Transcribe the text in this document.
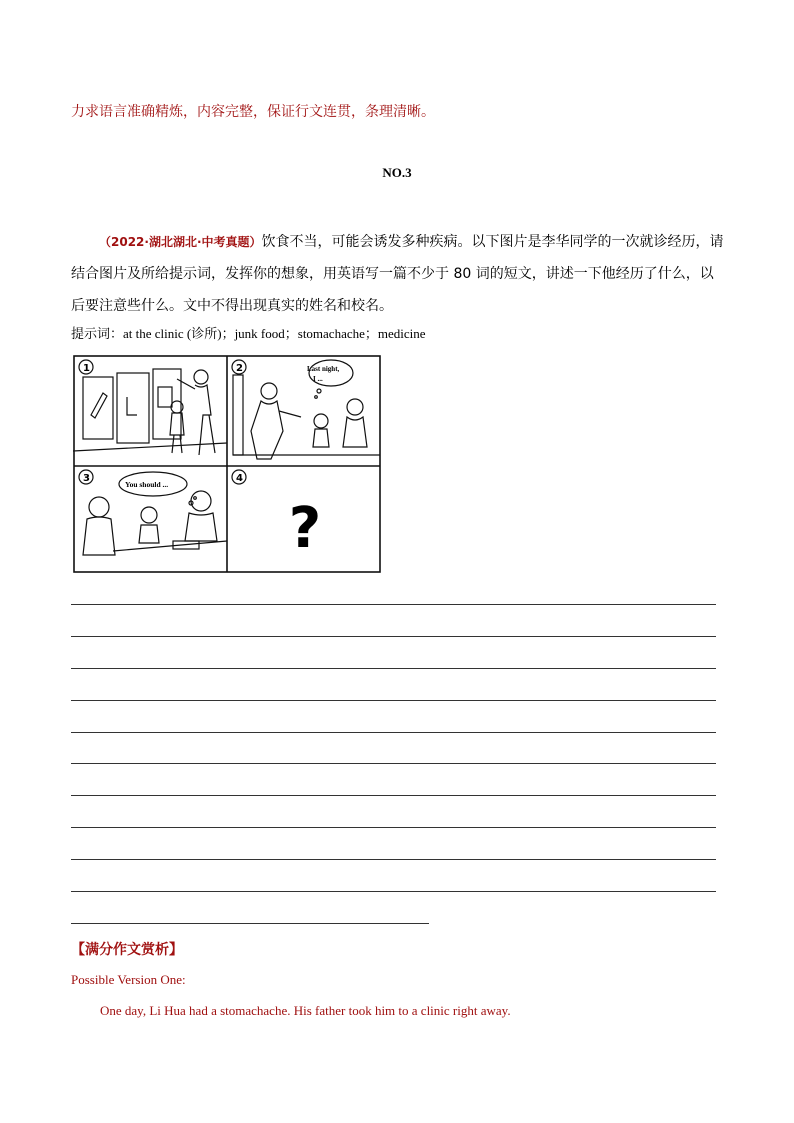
力求语言准确精炼，内容完整，保证行文连贯，条理清晰。
NO.3
（2022·湖北湖北·中考真题）饮食不当，可能会诱发多种疾病。以下图片是李华同学的一次就诊经历，请结合图片及所给提示词，发挥你的想象，用英语写一篇不少于 80 词的短文，讲述一下他经历了什么，以后要注意些什么。文中不得出现真实的姓名和校名。
提示词：at the clinic (诊所)；junk food；stomachache；medicine
1	Last night,
I ...
2
You should ...
3	4
?
【满分作文赏析】
Possible Version One:
One day, Li Hua had a stomachache. His father took him to a clinic right away.
